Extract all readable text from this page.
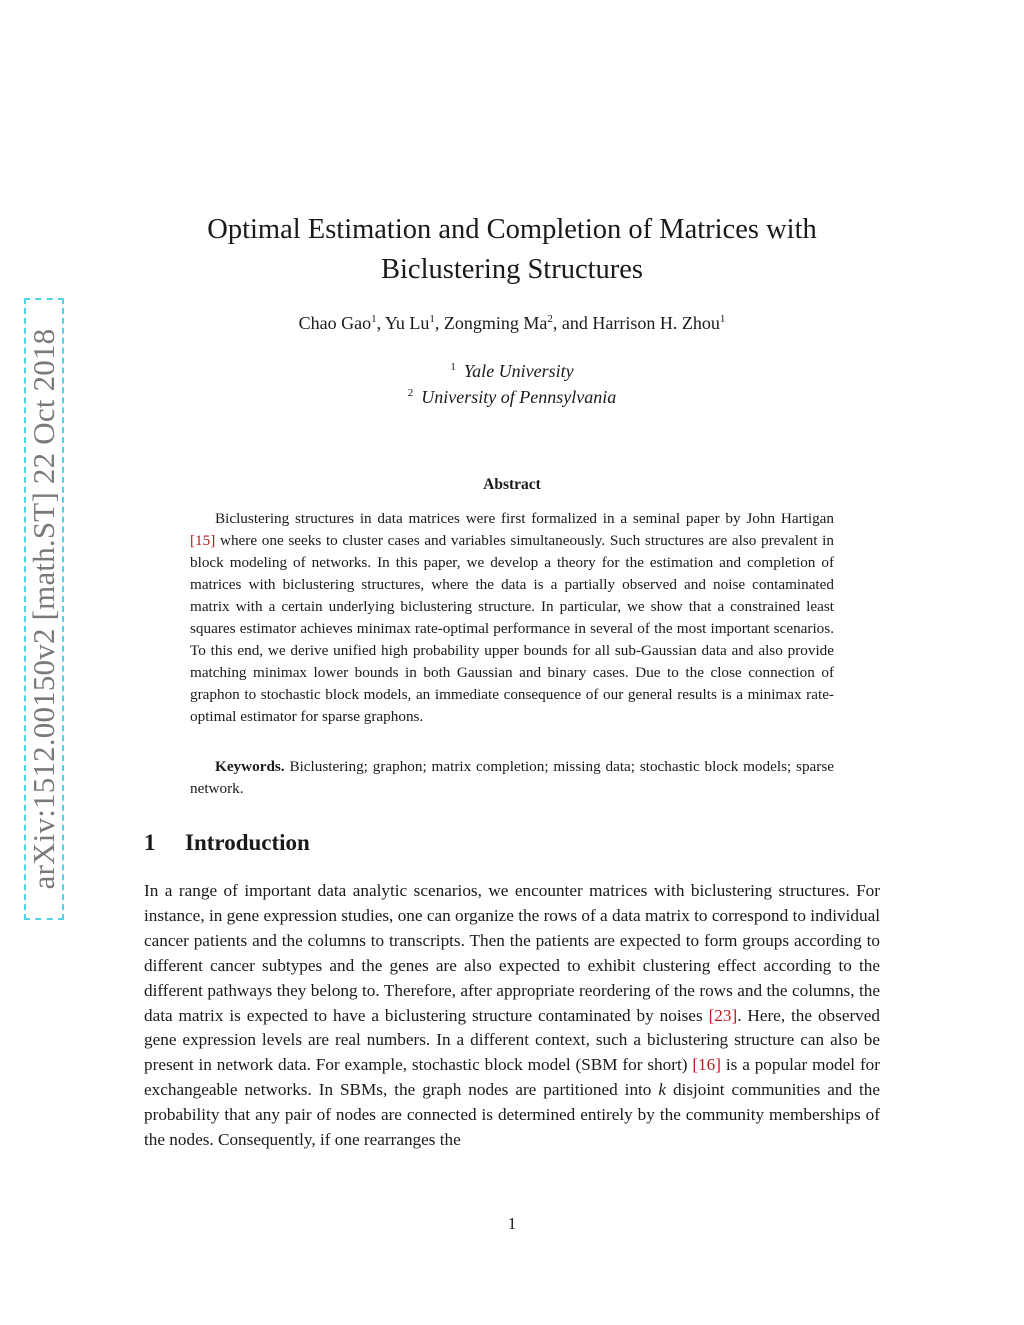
arXiv:1512.00150v2 [math.ST] 22 Oct 2018
Optimal Estimation and Completion of Matrices with
Biclustering Structures
Chao Gao$^1$, Yu Lu$^1$, Zongming Ma$^2$, and Harrison H. Zhou$^1$
$^1$ Yale University
$^2$ University of Pennsylvania
Abstract

Biclustering structures in data matrices were first formalized in a seminal paper by John Hartigan [15] where one seeks to cluster cases and variables simultaneously. Such structures are also prevalent in block modeling of networks. In this paper, we develop a theory for the estimation and completion of matrices with biclustering structures, where the data is a partially observed and noise contaminated matrix with a certain underlying biclustering structure. In particular, we show that a constrained least squares estimator achieves minimax rate-optimal performance in several of the most important scenarios. To this end, we derive unified high probability upper bounds for all sub-Gaussian data and also provide matching minimax lower bounds in both Gaussian and binary cases. Due to the close connection of graphon to stochastic block models, an immediate consequence of our general results is a minimax rate-optimal estimator for sparse graphons.

Keywords. Biclustering; graphon; matrix completion; missing data; stochastic block models; sparse network.

1 Introduction

In a range of important data analytic scenarios, we encounter matrices with biclustering structures. For instance, in gene expression studies, one can organize the rows of a data matrix to correspond to individual cancer patients and the columns to transcripts. Then the patients are expected to form groups according to different cancer subtypes and the genes are also expected to exhibit clustering effect according to the different pathways they belong to. Therefore, after appropriate reordering of the rows and the columns, the data matrix is expected to have a biclustering structure contaminated by noises [23]. Here, the observed gene expression levels are real numbers. In a different context, such a biclustering structure can also be present in network data. For example, stochastic block model (SBM for short) [16] is a popular model for exchangeable networks. In SBMs, the graph nodes are partitioned into k disjoint communities and the probability that any pair of nodes are connected is determined entirely by the community memberships of the nodes. Consequently, if one rearranges the

1
